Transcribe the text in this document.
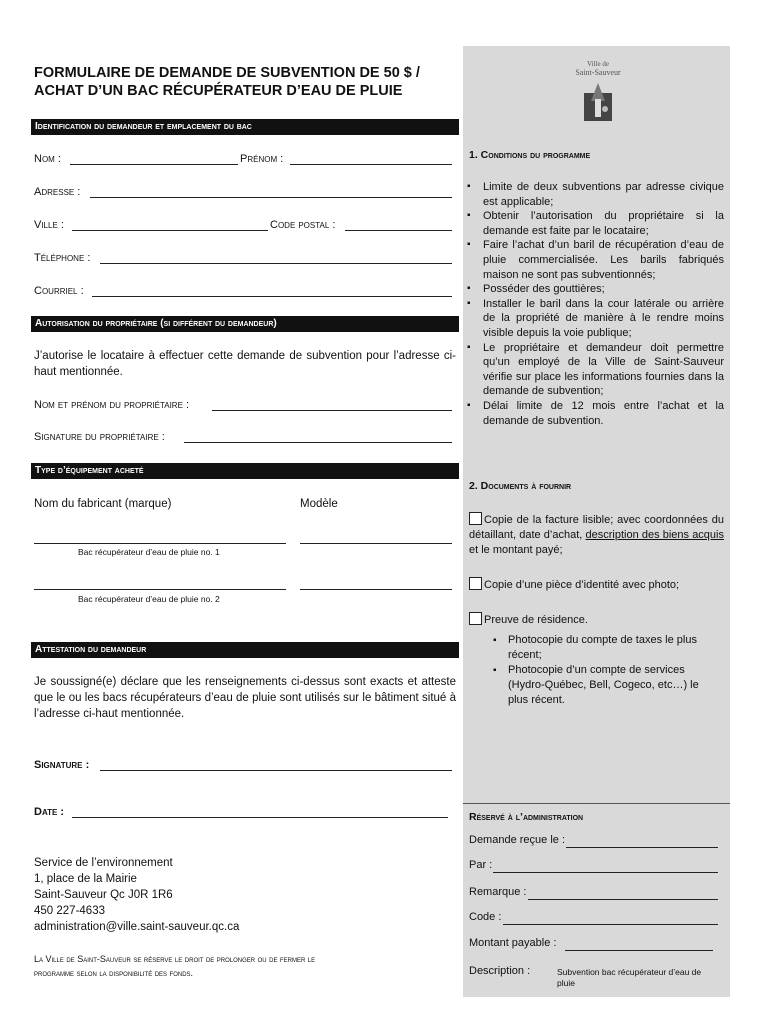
FORMULAIRE DE DEMANDE DE SUBVENTION DE 50 $ /
ACHAT D’UN BAC RÉCUPÉRATEUR D’EAU DE PLUIE
Identification du demandeur et emplacement du bac
Nom :	Prénom :
Adresse :
Ville :	Code postal :
Téléphone :
Courriel :
Autorisation du propriétaire (si différent du demandeur)
J’autorise le locataire à effectuer cette demande de subvention pour l’adresse ci-haut mentionnée.
Nom et prénom du propriétaire :
Signature du propriétaire :
Type d’équipement acheté
Nom du fabricant (marque)	Modèle
Bac récupérateur d’eau de pluie no. 1
Bac récupérateur d’eau de pluie no. 2
Attestation du demandeur
Je soussigné(e) déclare que les renseignements ci-dessus sont exacts et atteste que le ou les bacs récupérateurs d’eau de pluie sont utilisés sur le bâtiment situé à l’adresse ci-haut mentionnée.
Signature :
Date :
Service de l’environnement
1, place de la Mairie
Saint-Sauveur Qc J0R 1R6
450 227-4633
administration@ville.saint-sauveur.qc.ca
La Ville de Saint-Sauveur se réserve le droit de prolonger ou de fermer le
programme selon la disponibilité des fonds.
Ville de
Saint-Sauveur
1. Conditions du programme
▪ Limite de deux subventions par adresse civique est applicable;
▪ Obtenir l’autorisation du propriétaire si la demande est faite par le locataire;
▪ Faire l’achat d’un baril de récupération d’eau de pluie commercialisée. Les barils fabriqués maison ne sont pas subventionnés;
▪ Posséder des gouttières;
▪ Installer le baril dans la cour latérale ou arrière de la propriété de manière à le rendre moins visible depuis la voie publique;
▪ Le propriétaire et demandeur doit permettre qu’un employé de la Ville de Saint-Sauveur vérifie sur place les informations fournies dans la demande de subvention;
▪ Délai limite de 12 mois entre l’achat et la demande de subvention.
2. Documents à fournir
Copie de la facture lisible; avec coordonnées du détaillant, date d’achat, description des biens acquis et le montant payé;
Copie d’une pièce d’identité avec photo;
Preuve de résidence.
▪ Photocopie du compte de taxes le plus récent;
▪ Photocopie d’un compte de services (Hydro-Québec, Bell, Cogeco, etc…) le plus récent.
Réservé à l’administration
Demande reçue le :
Par :
Remarque :
Code :
Montant payable :
Description :	Subvention bac récupérateur d’eau de pluie
